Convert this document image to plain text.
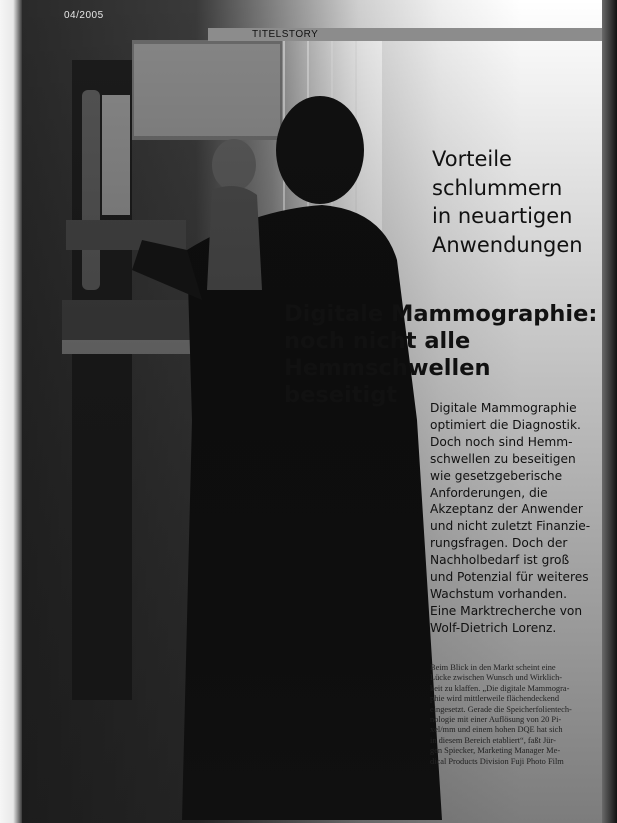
04/2005
TITELSTORY
Vorteile
schlummern
in neuartigen
Anwendungen
Digitale Mammographie:
noch nicht alle
Hemmschwellen
beseitigt	Digitale Mammographie
optimiert die Diagnostik.
Doch noch sind Hemm-
schwellen zu beseitigen
wie gesetzgeberische
Anforderungen, die
Akzeptanz der Anwender
und nicht zuletzt Finanzie-
rungsfragen. Doch der
Nachholbedarf ist groß
und Potenzial für weiteres
Wachstum vorhanden.
Eine Marktrecherche von
Wolf-Dietrich Lorenz.
Beim Blick in den Markt scheint eine
Lücke zwischen Wunsch und Wirklich-
keit zu klaffen. „Die digitale Mammogra-
phie wird mittlerweile flächendeckend
eingesetzt. Gerade die Speicherfolientech-
nologie mit einer Auflösung von 20 Pi-
xel/mm und einem hohen DQE hat sich
in diesem Bereich etabliert“, faßt Jür-
gen Spiecker, Marketing Manager Me-
dical Products Division Fuji Photo Film
